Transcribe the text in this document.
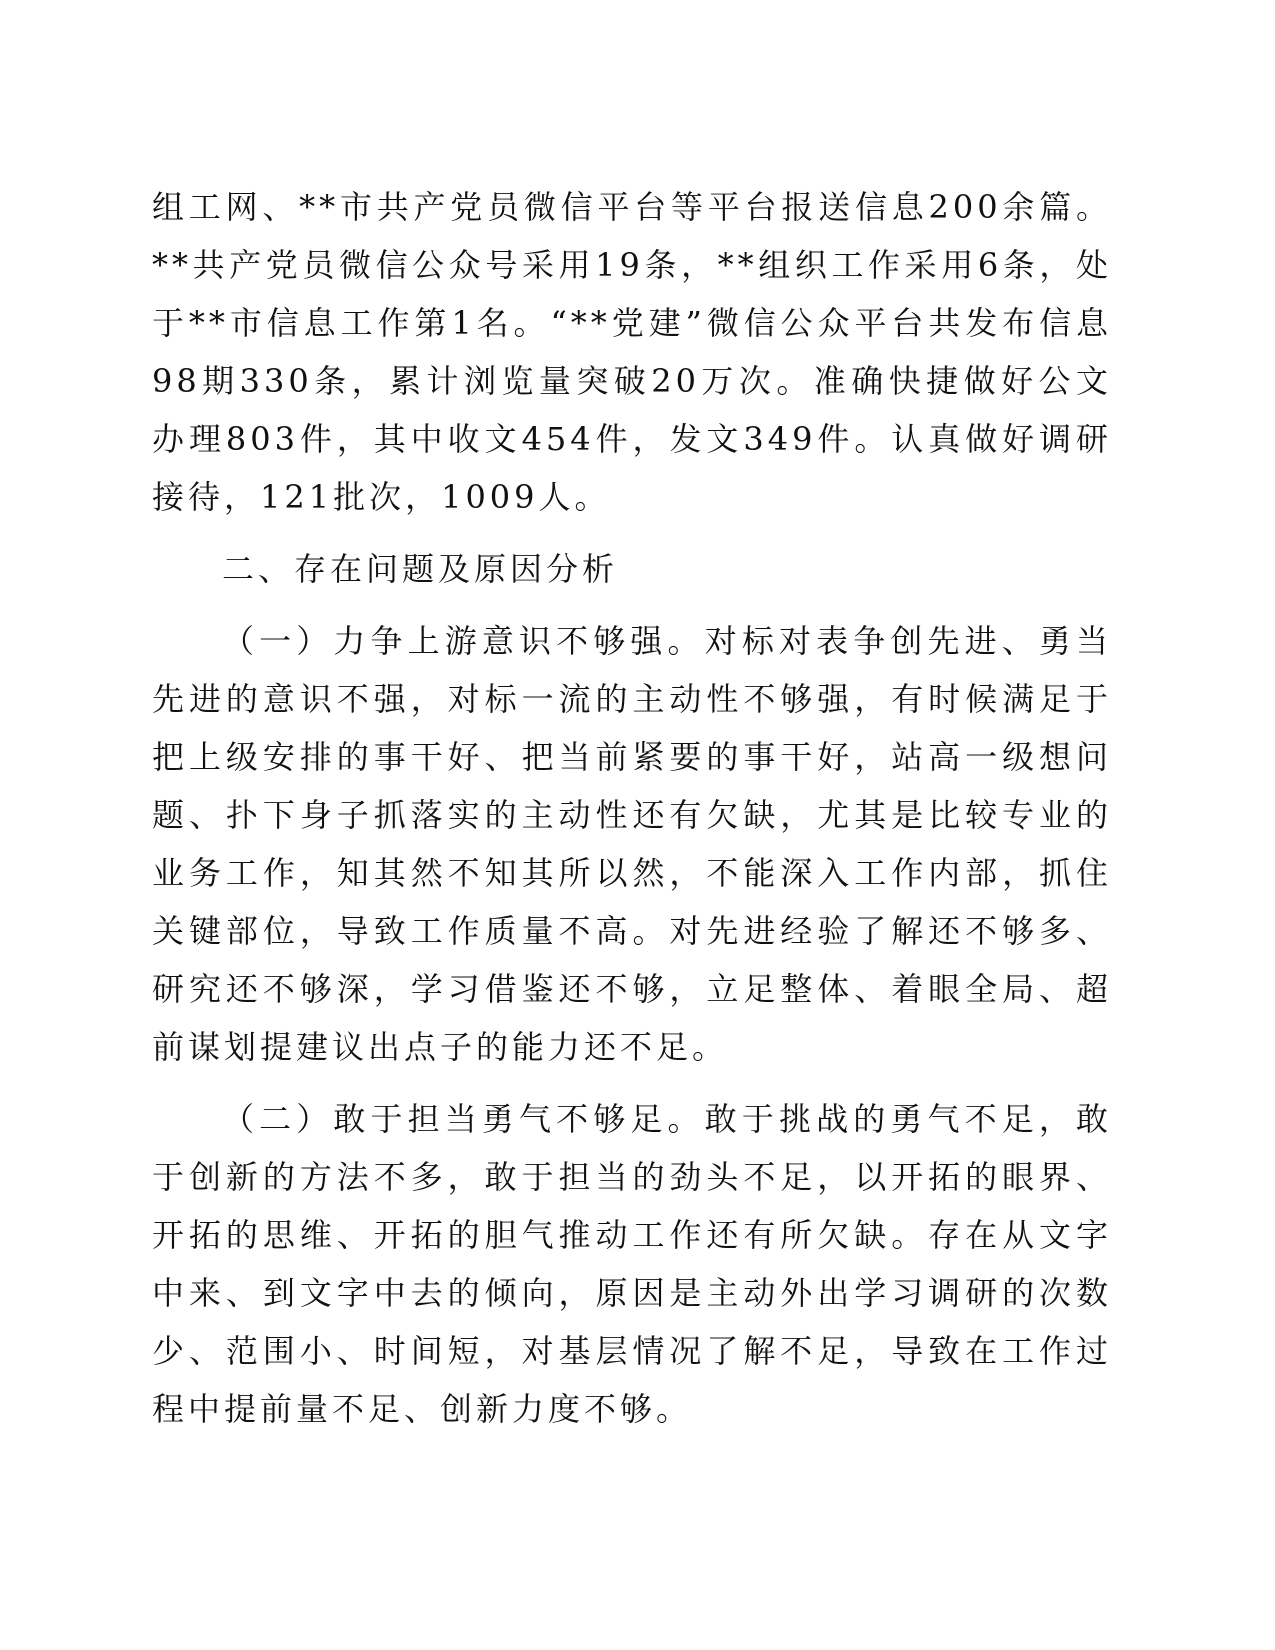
组工网、**市共产党员微信平台等平台报送信息200余篇。**共产党员微信公众号采用19条，**组织工作采用6条，处于**市信息工作第1名。“**党建”微信公众平台共发布信息98期330条，累计浏览量突破20万次。准确快捷做好公文办理803件，其中收文454件，发文349件。认真做好调研接待，121批次，1009人。

二、存在问题及原因分析

（一）力争上游意识不够强。对标对表争创先进、勇当先进的意识不强，对标一流的主动性不够强，有时候满足于把上级安排的事干好、把当前紧要的事干好，站高一级想问题、扑下身子抓落实的主动性还有欠缺，尤其是比较专业的业务工作，知其然不知其所以然，不能深入工作内部，抓住关键部位，导致工作质量不高。对先进经验了解还不够多、研究还不够深，学习借鉴还不够，立足整体、着眼全局、超前谋划提建议出点子的能力还不足。

（二）敢于担当勇气不够足。敢于挑战的勇气不足，敢于创新的方法不多，敢于担当的劲头不足，以开拓的眼界、开拓的思维、开拓的胆气推动工作还有所欠缺。存在从文字中来、到文字中去的倾向，原因是主动外出学习调研的次数少、范围小、时间短，对基层情况了解不足，导致在工作过程中提前量不足、创新力度不够。
